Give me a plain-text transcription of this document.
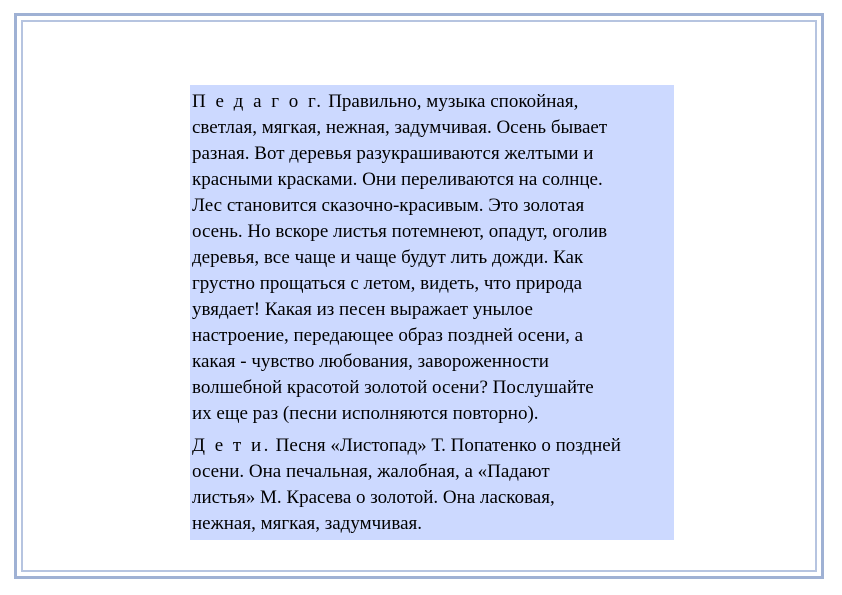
П е д а г о г. Правильно, музыка спокойная,
светлая, мягкая, нежная, задумчивая. Осень бывает
разная. Вот деревья разукрашиваются желтыми и
красными красками. Они переливаются на солнце.
Лес становится сказочно-красивым. Это золотая
осень. Но вскоре листья потемнеют, опадут, оголив
деревья, все чаще и чаще будут лить дожди. Как
грустно прощаться с летом, видеть, что природа
увядает! Какая из песен выражает унылое
настроение, передающее образ поздней осени, а
какая - чувство любования, завороженности
волшебной красотой золотой осени? Послушайте
их еще раз (песни исполняются повторно).

Д е т и. Песня «Листопад» Т. Попатенко о поздней
осени. Она печальная, жалобная, а «Падают
листья» М. Красева о золотой. Она ласковая,
нежная, мягкая, задумчивая.
